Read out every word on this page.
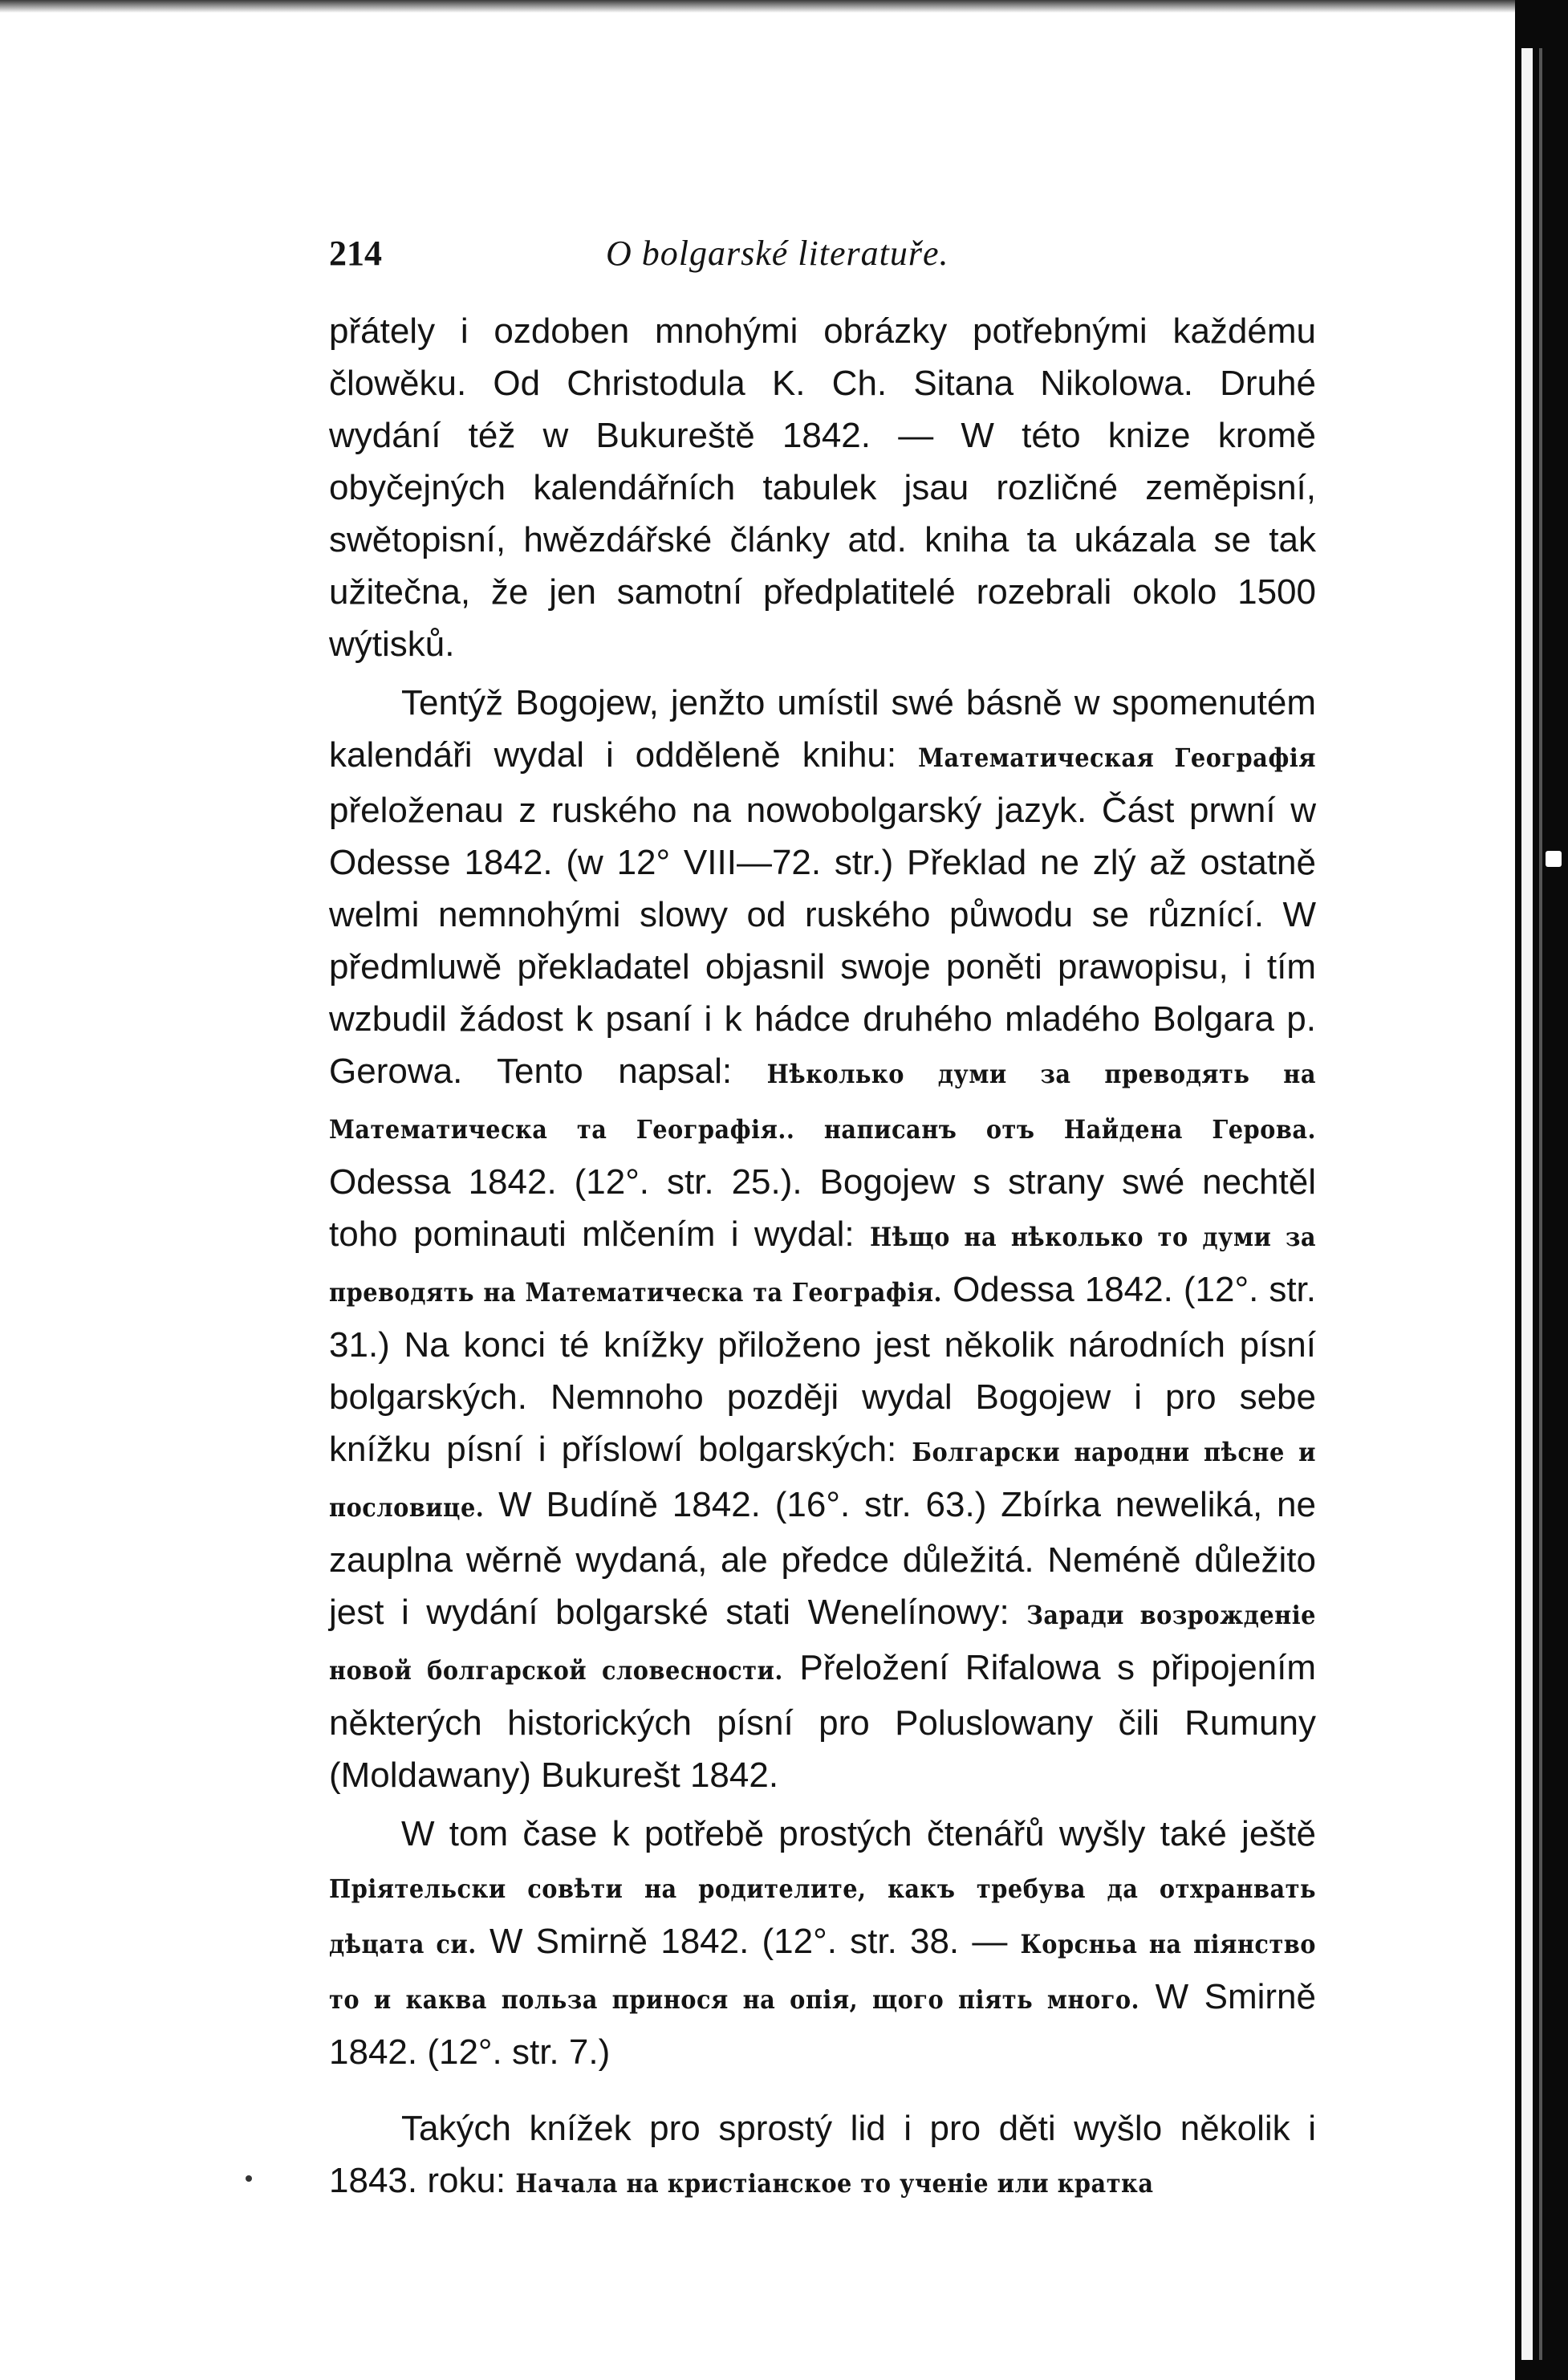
214	O bolgarské literatuře.

přátely i ozdoben mnohými obrázky potřebnými každému člowěku. Od Christodula K. Ch. Sitana Nikolowa. Druhé wydání též w Bukureště 1842. — W této knize kromě obyčejných kalendářních tabulek jsau rozličné zeměpisní, swětopisní, hwězdářské články atd. kniha ta ukázala se tak užitečna, že jen samotní předplatitelé rozebrali okolo 1500 wýtisků.

Tentýž Bogojew, jenžto umístil swé básně w spomenutém kalendáři wydal i odděleně knihu: Математическая Географія přeloženau z ruského na nowobolgarský jazyk. Část prwní w Odesse 1842. (w 12° VIII—72. str.) Překlad ne zlý až ostatně welmi nemnohými slowy od ruského půwodu se různící. W předmluwě překladatel objasnil swoje poněti prawopisu, i tím wzbudil žádost k psaní i k hádce druhého mladého Bolgara p. Gerowa. Tento napsal: Нѣколько думи за преводять на Математическа та Географія.. написанъ отъ Найдена Герова. Odessa 1842. (12°. str. 25.). Bogojew s strany swé nechtěl toho pominauti mlčením i wydal: Нѣщо на нѣколько то думи за преводять на Математическа та Географія. Odessa 1842. (12°. str. 31.) Na konci té knížky přiloženo jest několik národních písní bolgarských. Nemnoho později wydal Bogojew i pro sebe knížku písní i příslowí bolgarských: Болгарски народни пѣсне и пословице. W Budíně 1842. (16°. str. 63.) Zbírka neweliká, ne zauplna wěrně wydaná, ale předce důležitá. Neméně důležito jest i wydání bolgarské stati Wenelínowy: Заради возрожденіе новой болгарской словесности. Přeložení Rifalowa s připojením některých historických písní pro Poluslowany čili Rumuny (Moldawany) Bukurešt 1842.

W tom čase k potřebě prostých čtenářů wyšly také ještě Пріятельски совѣти на родителите, какъ требува да отхранвать дѣцата си. W Smirně 1842. (12°. str. 38. — Корсньа на піянство то и каква польза принося на опія, щого піять много. W Smirně 1842. (12°. str. 7.)

Takých knížek pro sprostý lid i pro děti wyšlo několik i 1843. roku: Начала на кристіанское то ученіе или кратка
